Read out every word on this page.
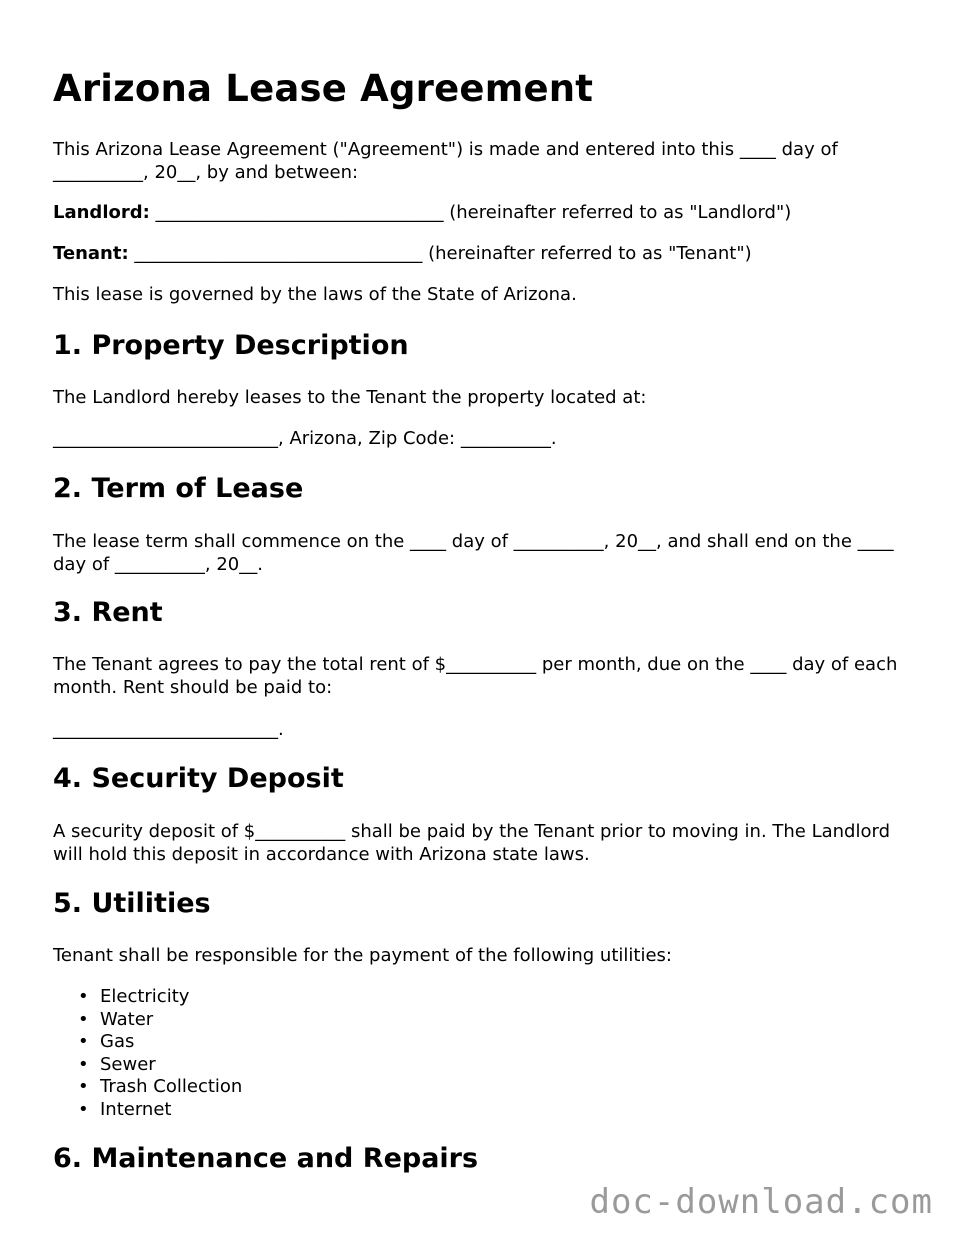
Arizona Lease Agreement

This Arizona Lease Agreement ("Agreement") is made and entered into this ____ day of __________, 20__, by and between:

Landlord: ________________________________ (hereinafter referred to as "Landlord")

Tenant: ________________________________ (hereinafter referred to as "Tenant")

This lease is governed by the laws of the State of Arizona.

1. Property Description

The Landlord hereby leases to the Tenant the property located at:

_________________________, Arizona, Zip Code: __________.

2. Term of Lease

The lease term shall commence on the ____ day of __________, 20__, and shall end on the ____ day of __________, 20__.

3. Rent

The Tenant agrees to pay the total rent of $__________ per month, due on the ____ day of each month. Rent should be paid to:

_________________________.

4. Security Deposit

A security deposit of $__________ shall be paid by the Tenant prior to moving in. The Landlord will hold this deposit in accordance with Arizona state laws.

5. Utilities

Tenant shall be responsible for the payment of the following utilities:

• Electricity
• Water
• Gas
• Sewer
• Trash Collection
• Internet
6. Maintenance and Repairs
doc-download.com
